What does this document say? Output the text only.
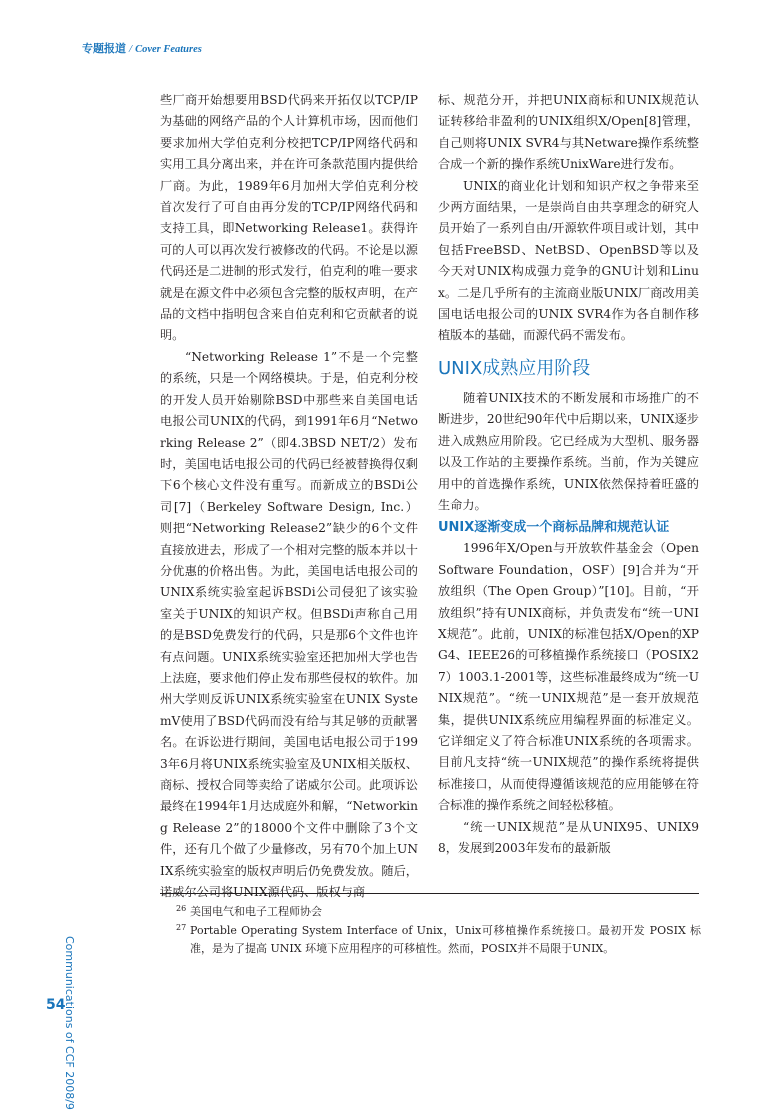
专题报道 / Cover Features

些厂商开始想要用BSD代码来开拓仅以TCP/IP为基础的网络产品的个人计算机市场，因而他们要求加州大学伯克利分校把TCP/IP网络代码和实用工具分离出来，并在许可条款范围内提供给厂商。为此，1989年6月加州大学伯克利分校首次发行了可自由再分发的TCP/IP网络代码和支持工具，即Networking Release1。获得许可的人可以再次发行被修改的代码。不论是以源代码还是二进制的形式发行，伯克利的唯一要求就是在源文件中必须包含完整的版权声明，在产品的文档中指明包含来自伯克利和它贡献者的说明。

“Networking Release 1”不是一个完整的系统，只是一个网络模块。于是，伯克利分校的开发人员开始剔除BSD中那些来自美国电话电报公司UNIX的代码，到1991年6月“Networking Release 2”（即4.3BSD NET/2）发布时，美国电话电报公司的代码已经被替换得仅剩下6个核心文件没有重写。而新成立的BSDi公司[7]（Berkeley Software Design, Inc.）则把“Networking Release2”缺少的6个文件直接放进去，形成了一个相对完整的版本并以十分优惠的价格出售。为此，美国电话电报公司的UNIX系统实验室起诉BSDi公司侵犯了该实验室关于UNIX的知识产权。但BSDi声称自己用的是BSD免费发行的代码，只是那6个文件也许有点问题。UNIX系统实验室还把加州大学也告上法庭，要求他们停止发布那些侵权的软件。加州大学则反诉UNIX系统实验室在UNIX SystemV使用了BSD代码而没有给与其足够的贡献署名。在诉讼进行期间，美国电话电报公司于1993年6月将UNIX系统实验室及UNIX相关版权、商标、授权合同等卖给了诺威尔公司。此项诉讼最终在1994年1月达成庭外和解，“Networking Release 2”的18000个文件中删除了3个文件，还有几个做了少量修改，另有70个加上UNIX系统实验室的版权声明后仍免费发放。随后，诺威尔公司将UNIX源代码、版权与商

标、规范分开，并把UNIX商标和UNIX规范认证转移给非盈利的UNIX组织X/Open[8]管理，自己则将UNIX SVR4与其Netware操作系统整合成一个新的操作系统UnixWare进行发布。

UNIX的商业化计划和知识产权之争带来至少两方面结果，一是崇尚自由共享理念的研究人员开始了一系列自由/开源软件项目或计划，其中包括FreeBSD、NetBSD、OpenBSD等以及今天对UNIX构成强力竞争的GNU计划和Linux。二是几乎所有的主流商业版UNIX厂商改用美国电话电报公司的UNIX SVR4作为各自制作移植版本的基础，而源代码不需发布。

UNIX成熟应用阶段

随着UNIX技术的不断发展和市场推广的不断进步，20世纪90年代中后期以来，UNIX逐步进入成熟应用阶段。它已经成为大型机、服务器以及工作站的主要操作系统。当前，作为关键应用中的首选操作系统，UNIX依然保持着旺盛的生命力。

UNIX逐渐变成一个商标品牌和规范认证

1996年X/Open与开放软件基金会（Open Software Foundation，OSF）[9]合并为“开放组织（The Open Group）”[10]。目前，“开放组织”持有UNIX商标，并负责发布“统一UNIX规范”。此前，UNIX的标准包括X/Open的XPG4、IEEE26的可移植操作系统接口（POSIX27）1003.1-2001等，这些标准最终成为“统一UNIX规范”。“统一UNIX规范”是一套开放规范集，提供UNIX系统应用编程界面的标准定义。它详细定义了符合标准UNIX系统的各项需求。目前凡支持“统一UNIX规范”的操作系统将提供标准接口，从而使得遵循该规范的应用能够在符合标准的操作系统之间轻松移植。

“统一UNIX规范”是从UNIX95、UNIX98，发展到2003年发布的最新版

26 美国电气和电子工程师协会
27 Portable Operating System Interface of Unix，Unix可移植操作系统接口。最初开发 POSIX 标准，是为了提高 UNIX 环境下应用程序的可移植性。然而，POSIX并不局限于UNIX。
Communications of CCF 2008/9
54
